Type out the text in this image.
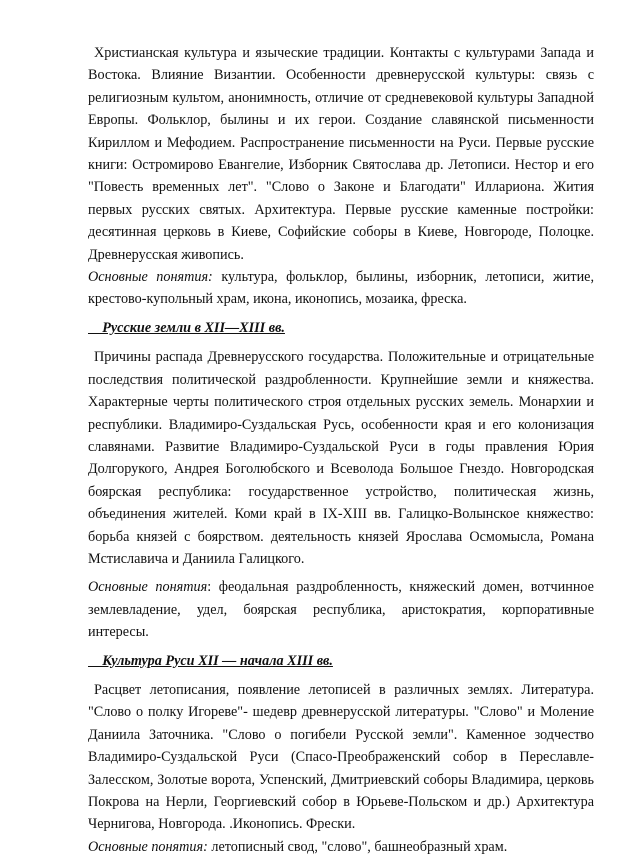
Христианская культура и языческие традиции. Контакты с культурами Запада и Востока. Влияние Византии. Особенности древнерусской культуры: связь с религиозным культом, анонимность, отличие от средневековой культуры Западной Европы. Фольклор, былины и их герои. Создание славянской письменности Кириллом и Мефодием. Распространение письменности на Руси. Первые русские книги: Остромирово Евангелие, Изборник Святослава др. Летописи. Нестор и его "Повесть временных лет". "Слово о Законе и Благодати" Иллариона. Жития первых русских святых. Архитектура. Первые русские каменные постройки: десятинная церковь в Киеве, Софийские соборы в Киеве, Новгороде, Полоцке. Древнерусская живопись.

Основные понятия: культура, фольклор, былины, изборник, летописи, житие, крестово-купольный храм, икона, иконопись, мозаика, фреска.

Русские земли в XII—XIII вв.

Причины распада Древнерусского государства. Положительные и отрицательные последствия политической раздробленности. Крупнейшие земли и княжества. Характерные черты политического строя отдельных русских земель. Монархии и республики. Владимиро-Суздальская Русь, особенности края и его колонизация славянами. Развитие Владимиро-Суздальской Руси в годы правления Юрия Долгорукого, Андрея Боголюбского и Всеволода Большое Гнездо. Новгородская боярская республика: государственное устройство, политическая жизнь, объединения жителей. Коми край в IX-XIII вв. Галицко-Волынское княжество: борьба князей с боярством. деятельность князей Ярослава Осмомысла, Романа Мстиславича и Даниила Галицкого.

Основные понятия: феодальная раздробленность, княжеский домен, вотчинное землевладение, удел, боярская республика, аристократия, корпоративные интересы.

Культура Руси XII — начала XIII вв.

Расцвет летописания, появление летописей в различных землях. Литература. "Слово о полку Игореве"- шедевр древнерусской литературы. "Слово" и Моление Даниила Заточника. "Слово о погибели Русской земли". Каменное зодчество Владимиро-Суздальской Руси (Спасо-Преображенский собор в Переславле-Залесском, Золотые ворота, Успенский, Дмитриевский соборы Владимира, церковь Покрова на Нерли, Георгиевский собор в Юрьеве-Польском и др.) Архитектура Чернигова, Новгорода. .Иконопись. Фрески.

Основные понятия: летописный свод, "слово", башнеобразный храм.
